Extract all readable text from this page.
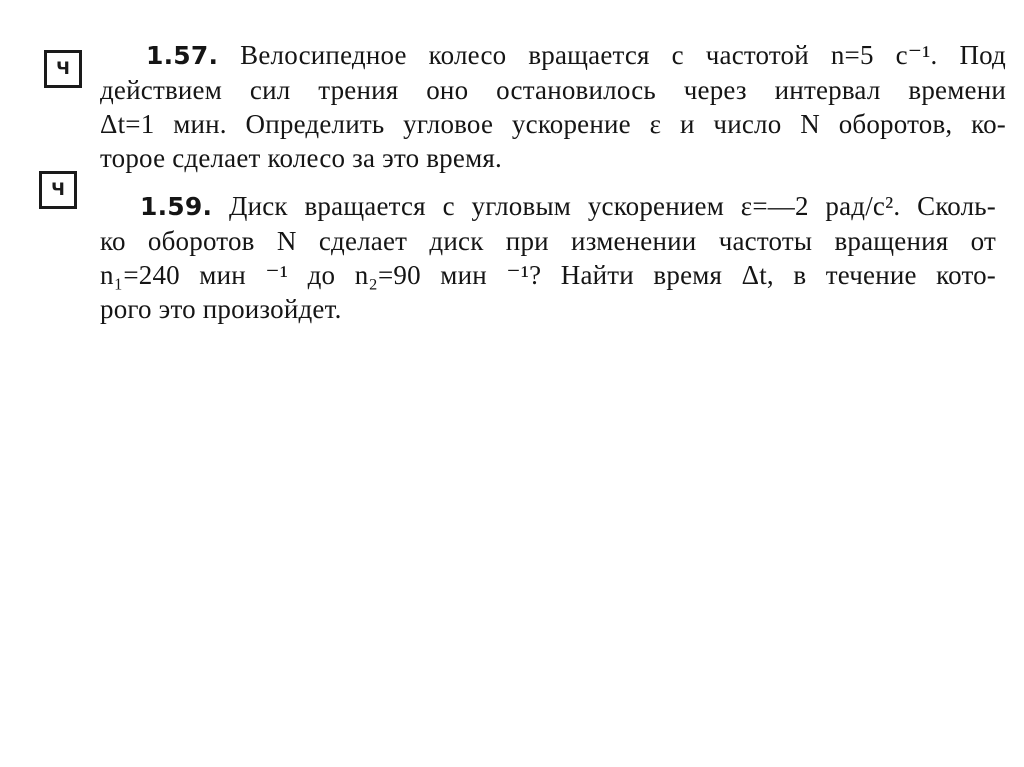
Ч
Ч
1.57. Велосипедное колесо вращается с частотой n=5 с⁻¹. Под
действием сил трения оно остановилось через интервал времени
Δt=1 мин. Определить угловое ускорение ε и число N оборотов, ко-
торое сделает колесо за это время.
1.59. Диск вращается с угловым ускорением ε=—2 рад/с². Сколь-
ко оборотов N сделает диск при изменении частоты вращения от
n₁=240 мин ⁻¹ до n₂=90 мин ⁻¹? Найти время Δt, в течение кото-
рого это произойдет.
